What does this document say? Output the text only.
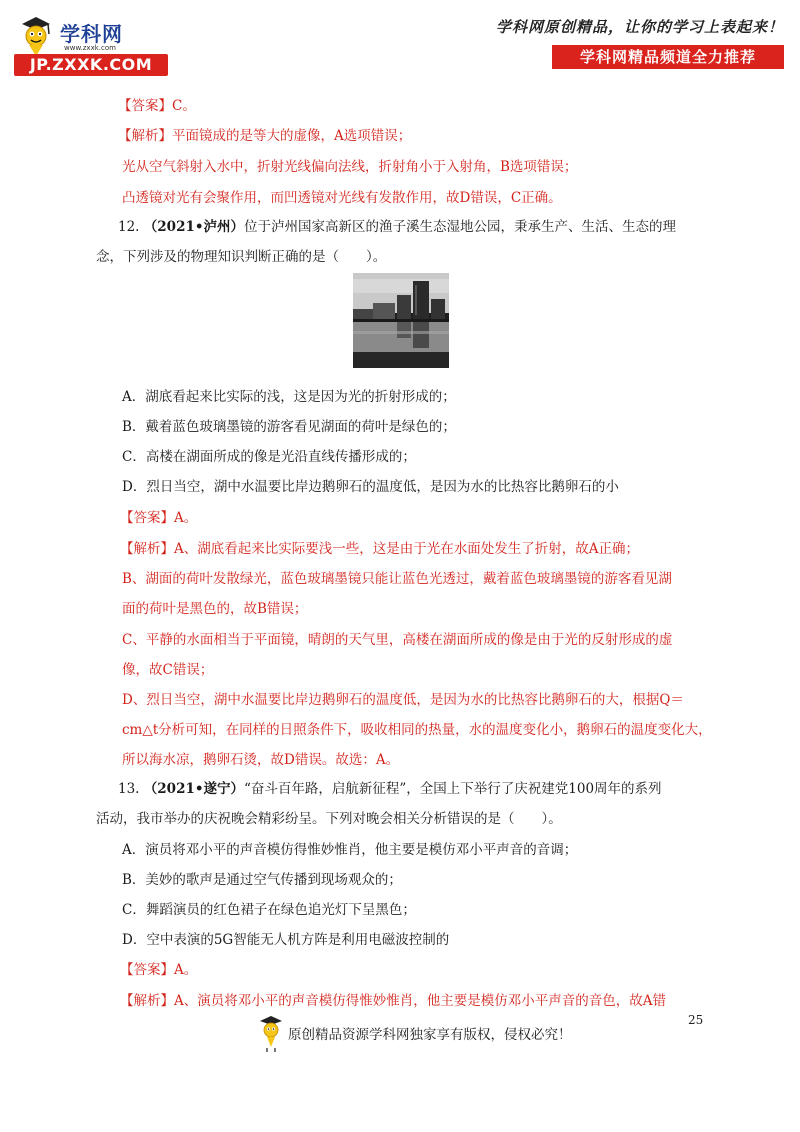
学科网
www.zxxk.com
JP.ZXXK.COM
学科网原创精品，让你的学习上表起来！
学科网精品频道全力推荐
【答案】C。
【解析】平面镜成的是等大的虚像，A选项错误；
光从空气斜射入水中，折射光线偏向法线，折射角小于入射角，B选项错误；
凸透镜对光有会聚作用，而凹透镜对光线有发散作用，故D错误，C正确。
12. （2021•泸州）位于泸州国家高新区的渔子溪生态湿地公园，秉承生产、生活、生态的理
念，下列涉及的物理知识判断正确的是（　　）。
A．湖底看起来比实际的浅，这是因为光的折射形成的；
B．戴着蓝色玻璃墨镜的游客看见湖面的荷叶是绿色的；
C．高楼在湖面所成的像是光沿直线传播形成的；
D．烈日当空，湖中水温要比岸边鹅卵石的温度低，是因为水的比热容比鹅卵石的小
【答案】A。
【解析】A、湖底看起来比实际要浅一些，这是由于光在水面处发生了折射，故A正确；
B、湖面的荷叶发散绿光，蓝色玻璃墨镜只能让蓝色光透过，戴着蓝色玻璃墨镜的游客看见湖
面的荷叶是黑色的，故B错误；
C、平静的水面相当于平面镜，晴朗的天气里，高楼在湖面所成的像是由于光的反射形成的虚
像，故C错误；
D、烈日当空，湖中水温要比岸边鹅卵石的温度低，是因为水的比热容比鹅卵石的大，根据Q＝
cm△t分析可知，在同样的日照条件下，吸收相同的热量，水的温度变化小，鹅卵石的温度变化大，
所以海水凉，鹅卵石烫，故D错误。故选：A。
13. （2021•遂宁）“奋斗百年路，启航新征程”，全国上下举行了庆祝建党100周年的系列
活动，我市举办的庆祝晚会精彩纷呈。下列对晚会相关分析错误的是（　　）。
A．演员将邓小平的声音模仿得惟妙惟肖，他主要是模仿邓小平声音的音调；
B．美妙的歌声是通过空气传播到现场观众的；
C．舞蹈演员的红色裙子在绿色追光灯下呈黑色；
D．空中表演的5G智能无人机方阵是利用电磁波控制的
【答案】A。
【解析】A、演员将邓小平的声音模仿得惟妙惟肖，他主要是模仿邓小平声音的音色，故A错
25
原创精品资源学科网独家享有版权，侵权必究！
